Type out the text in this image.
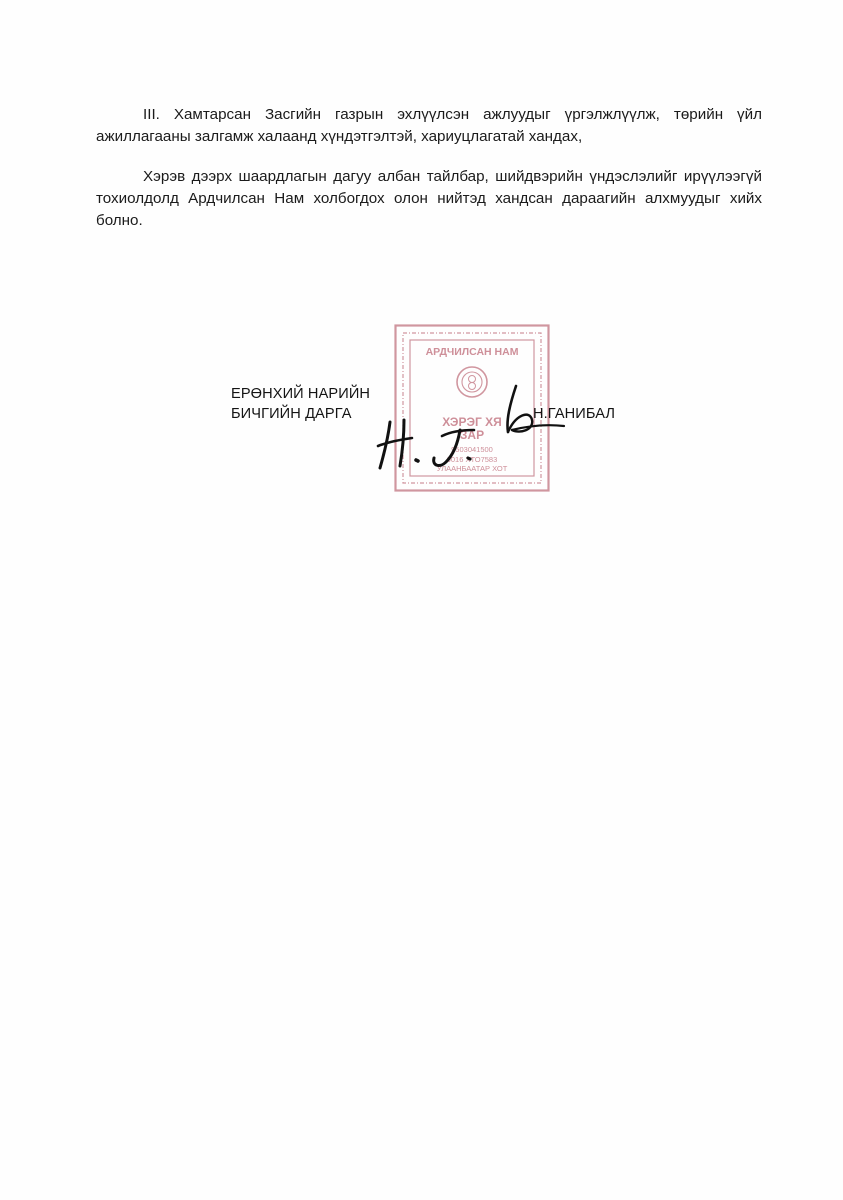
III. Хамтарсан Засгийн газрын эхлүүлсэн ажлуудыг үргэлжлүүлж, төрийн үйл ажиллагааны залгамж халаанд хүндэтгэлтэй, хариуцлагатай хандах,

Хэрэв дээрх шаардлагын дагуу албан тайлбар, шийдвэрийн үндэслэлийг ирүүлээгүй тохиолдолд Ардчилсан Нам холбогдох олон нийтэд хандсан дараагийн алхмуудыг хийх болно.

АРДЧИЛСАН НАМ
ХЭРЭГ ХЯ
ЗАР
9503041500
9016 ХТО7583
УЛААНБААТАР ХОТ
ЕРӨНХИЙ НАРИЙН
БИЧГИЙН ДАРГА	Н.ГАНИБАЛ
